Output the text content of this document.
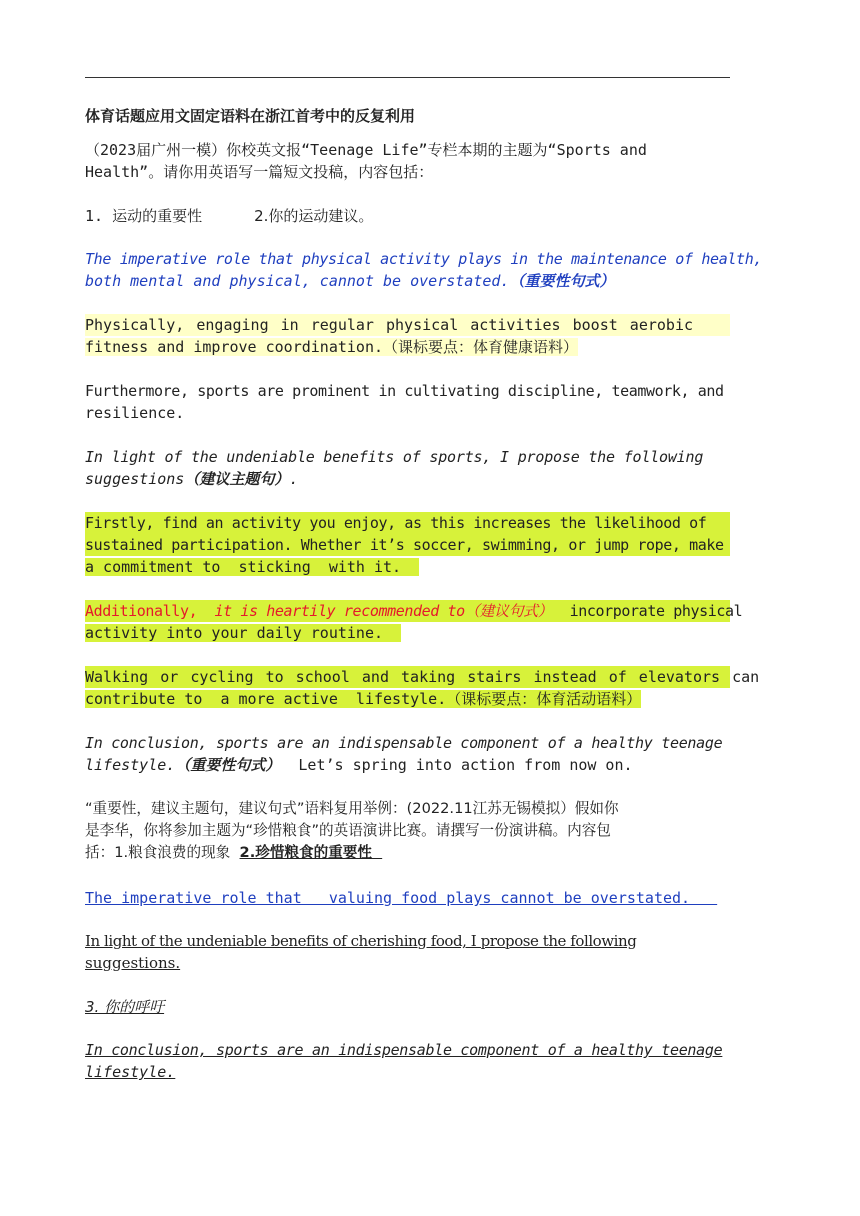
体育话题应用文固定语料在浙江首考中的反复利用
（2023届广州一模）你校英文报“Teenage Life”专栏本期的主题为“Sports and
Health”。请你用英语写一篇短文投稿，内容包括：
1. 运动的重要性	2.你的运动建议。
The imperative role that physical activity plays in the maintenance of health,
both mental and physical, cannot be overstated.（重要性句式）
Physically, engaging in regular physical activities boost aerobic
fitness and improve coordination.（课标要点：体育健康语料）
Furthermore, sports are prominent in cultivating discipline, teamwork, and
resilience.
In light of the undeniable benefits of sports, I propose the following
suggestions（建议主题句）.
Firstly, find an activity you enjoy, as this increases the likelihood of
sustained participation. Whether it’s soccer, swimming, or jump rope, make
a commitment to  sticking  with it.
Additionally,  it is heartily recommended to（建议句式）  incorporate physical
activity into your daily routine.
Walking or cycling to school and taking stairs instead of elevators can
contribute to  a more active  lifestyle.（课标要点：体育活动语料）
In conclusion, sports are an indispensable component of a healthy teenage
lifestyle.（重要性句式）  Let’s spring into action from now on.
“重要性，建议主题句，建议句式”语料复用举例：(2022.11江苏无锡模拟）假如你
是李华，你将参加主题为“珍惜粮食”的英语演讲比赛。请撰写一份演讲稿。内容包
括：1.粮食浪费的现象  2.珍惜粮食的重要性
The imperative role that   valuing food plays cannot be overstated.
In light of the undeniable benefits of cherishing food, I propose the following
suggestions.
3. 你的呼吁
In conclusion, sports are an indispensable component of a healthy teenage
lifestyle.
